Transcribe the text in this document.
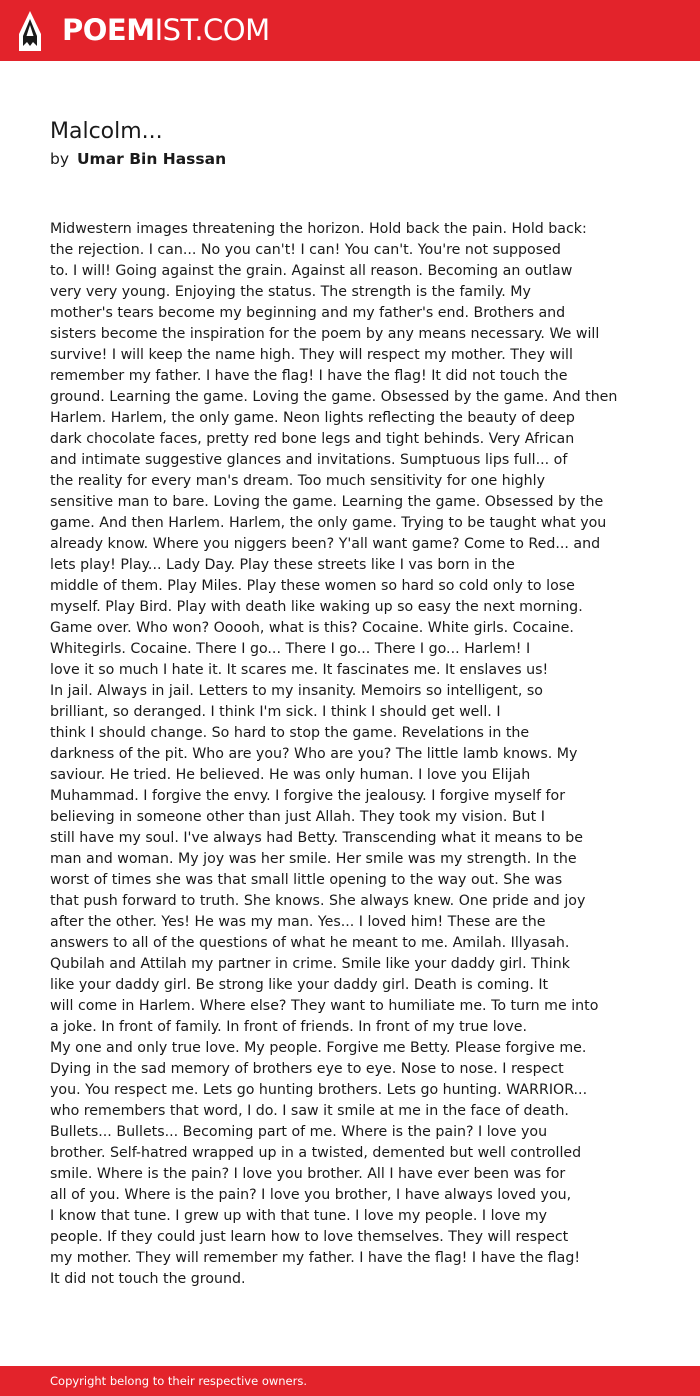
POEMIST.COM
Malcolm...
by Umar Bin Hassan
Midwestern images threatening the horizon. Hold back the pain. Hold back:
the rejection. I can... No you can't! I can! You can't. You're not supposed
to. I will! Going against the grain. Against all reason. Becoming an outlaw
very very young. Enjoying the status. The strength is the family. My
mother's tears become my beginning and my father's end. Brothers and
sisters become the inspiration for the poem by any means necessary. We will
survive! I will keep the name high. They will respect my mother. They will
remember my father. I have the flag! I have the flag! It did not touch the
ground. Learning the game. Loving the game. Obsessed by the game. And then
Harlem. Harlem, the only game. Neon lights reflecting the beauty of deep
dark chocolate faces, pretty red bone legs and tight behinds. Very African
and intimate suggestive glances and invitations. Sumptuous lips full... of
the reality for every man's dream. Too much sensitivity for one highly
sensitive man to bare. Loving the game. Learning the game. Obsessed by the
game. And then Harlem. Harlem, the only game. Trying to be taught what you
already know. Where you niggers been? Y'all want game? Come to Red... and
lets play! Play... Lady Day. Play these streets like I vas born in the
middle of them. Play Miles. Play these women so hard so cold only to lose
myself. Play Bird. Play with death like waking up so easy the next morning.
Game over. Who won? Ooooh, what is this? Cocaine. White girls. Cocaine.
Whitegirls. Cocaine. There I go... There I go... There I go... Harlem! I
love it so much I hate it. It scares me. It fascinates me. It enslaves us!
In jail. Always in jail. Letters to my insanity. Memoirs so intelligent, so
brilliant, so deranged. I think I'm sick. I think I should get well. I
think I should change. So hard to stop the game. Revelations in the
darkness of the pit. Who are you? Who are you? The little lamb knows. My
saviour. He tried. He believed. He was only human. I love you Elijah
Muhammad. I forgive the envy. I forgive the jealousy. I forgive myself for
believing in someone other than just Allah. They took my vision. But I
still have my soul. I've always had Betty. Transcending what it means to be
man and woman. My joy was her smile. Her smile was my strength. In the
worst of times she was that small little opening to the way out. She was
that push forward to truth. She knows. She always knew. One pride and joy
after the other. Yes! He was my man. Yes... I loved him! These are the
answers to all of the questions of what he meant to me. Amilah. Illyasah.
Qubilah and Attilah my partner in crime. Smile like your daddy girl. Think
like your daddy girl. Be strong like your daddy girl. Death is coming. It
will come in Harlem. Where else? They want to humiliate me. To turn me into
a joke. In front of family. In front of friends. In front of my true love.
My one and only true love. My people. Forgive me Betty. Please forgive me.
Dying in the sad memory of brothers eye to eye. Nose to nose. I respect
you. You respect me. Lets go hunting brothers. Lets go hunting. WARRIOR...
who remembers that word, I do. I saw it smile at me in the face of death.
Bullets... Bullets... Becoming part of me. Where is the pain? I love you
brother. Self-hatred wrapped up in a twisted, demented but well controlled
smile. Where is the pain? I love you brother. All I have ever been was for
all of you. Where is the pain? I love you brother, I have always loved you,
I know that tune. I grew up with that tune. I love my people. I love my
people. If they could just learn how to love themselves. They will respect
my mother. They will remember my father. I have the flag! I have the flag!
It did not touch the ground.
Copyright belong to their respective owners.
